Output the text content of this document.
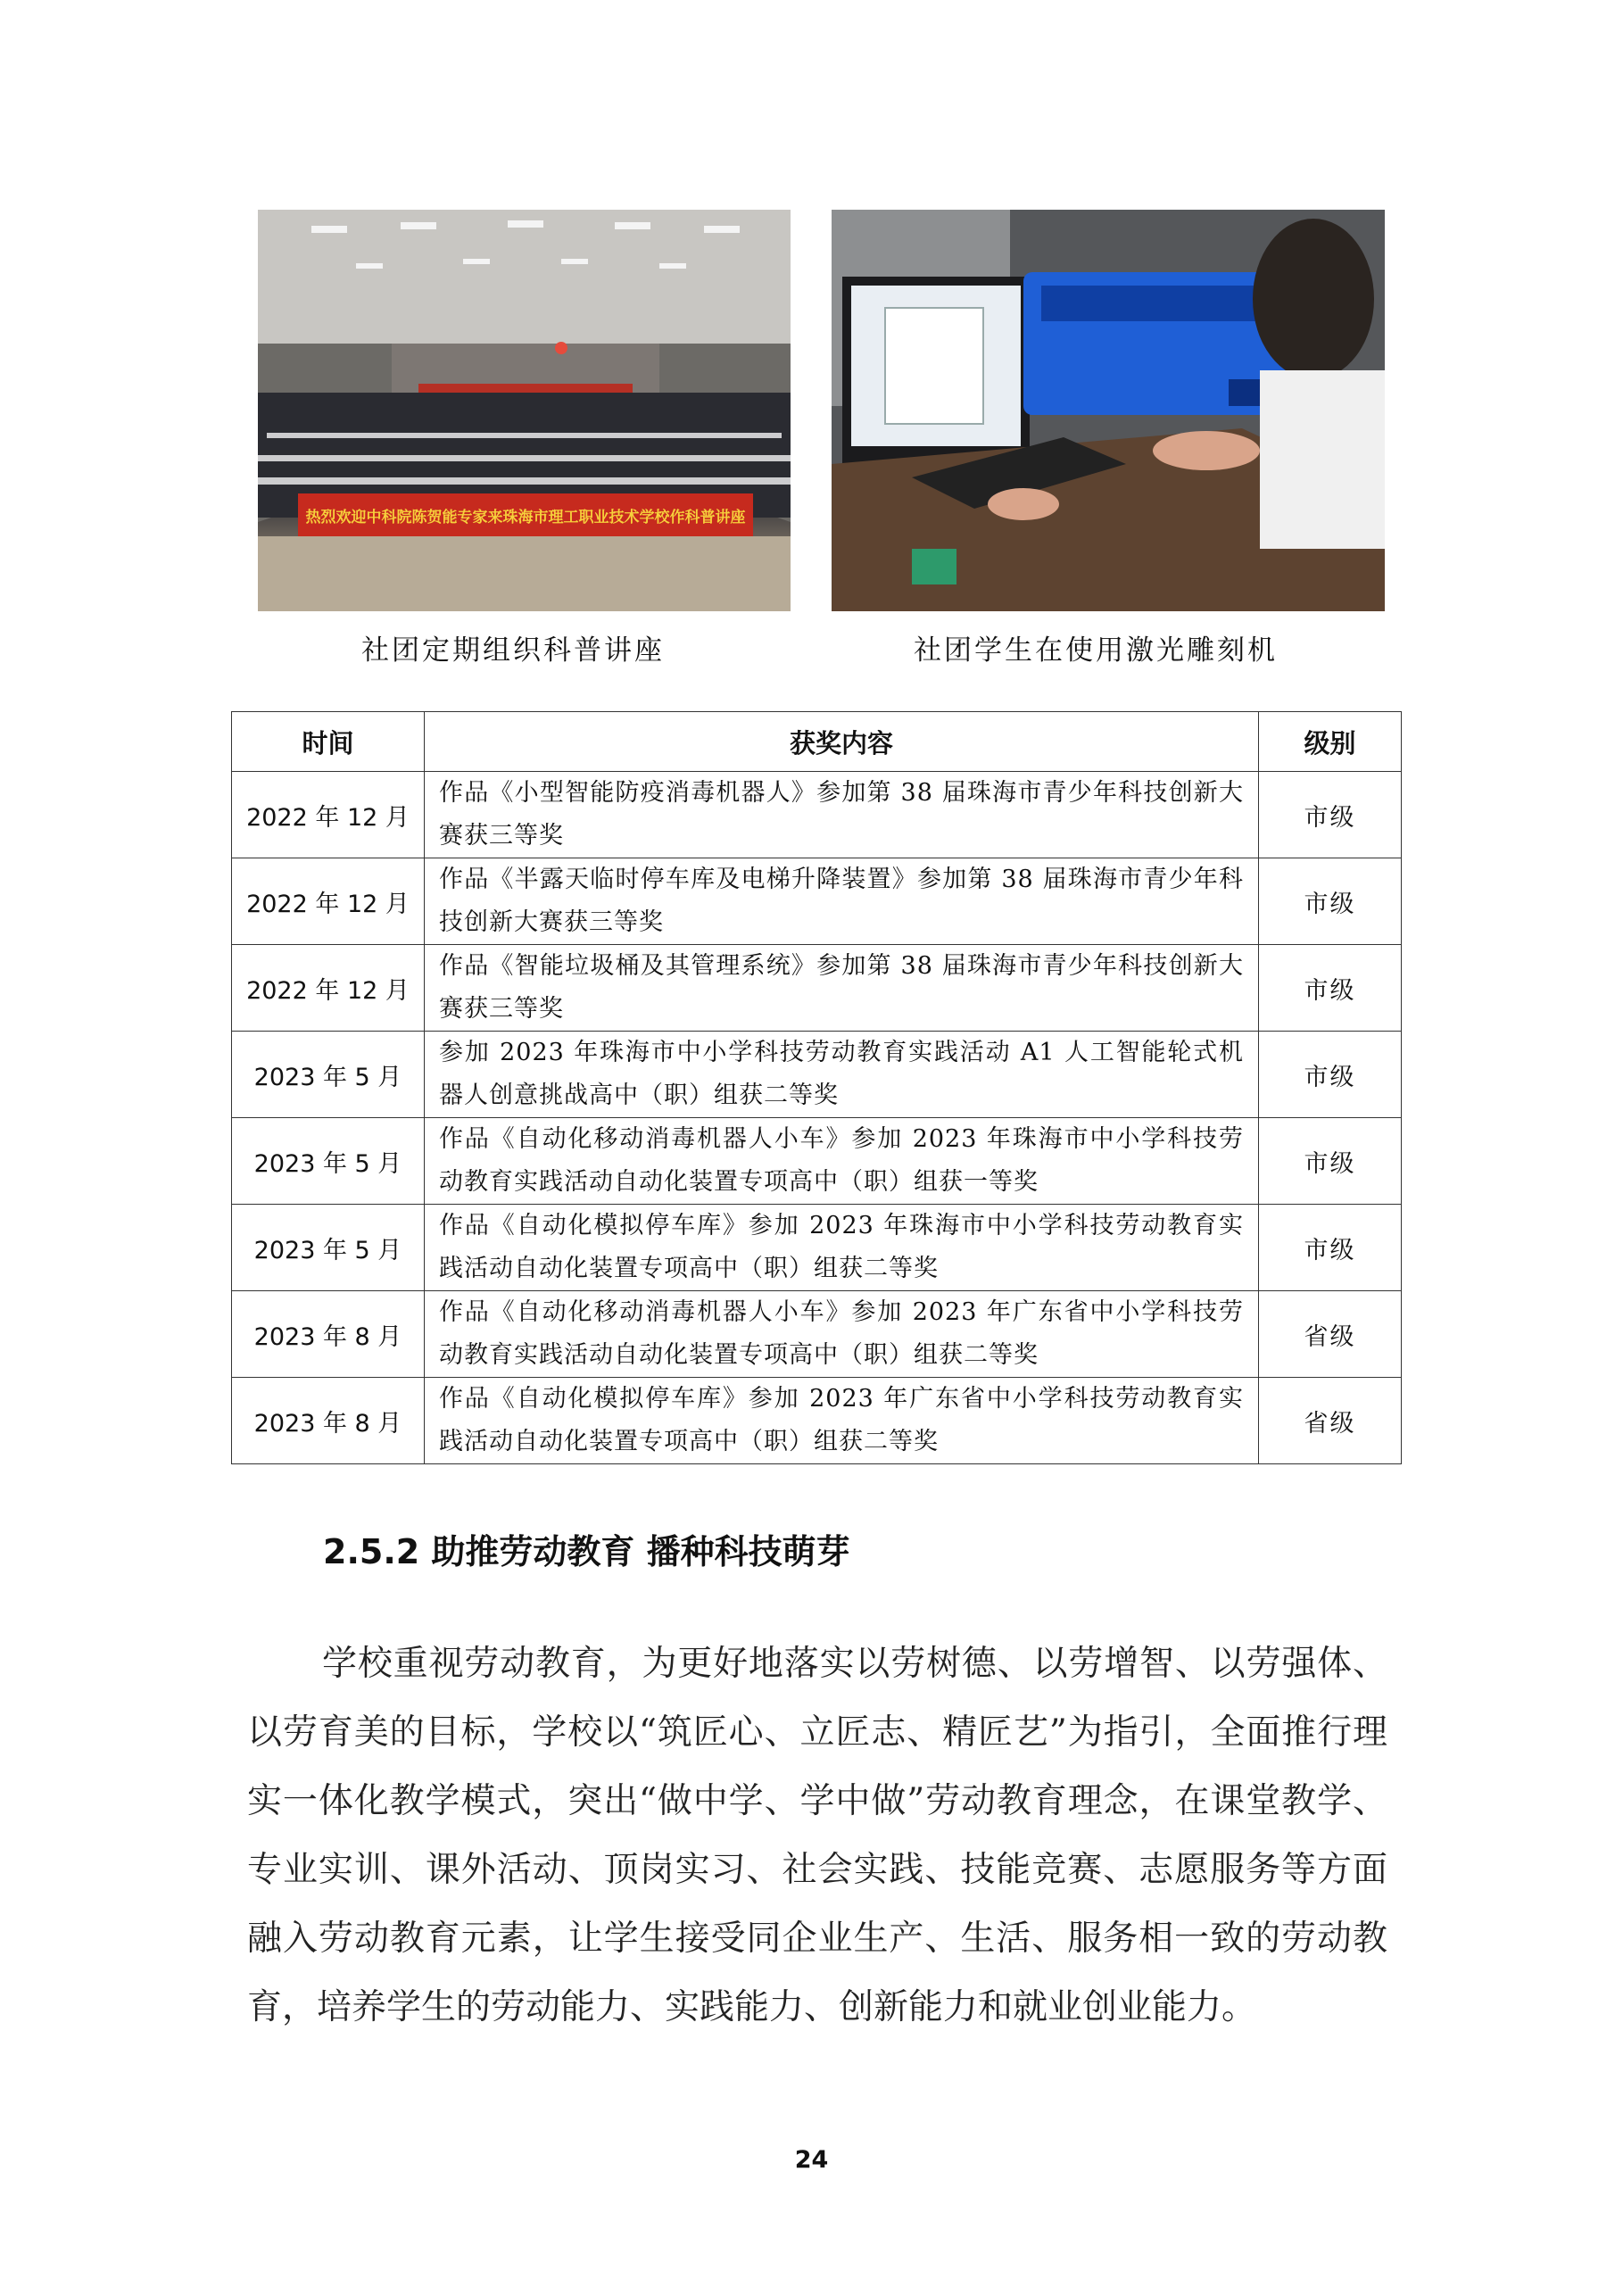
热烈欢迎中科院陈贺能专家来珠海市理工职业技术学校作科普讲座
社团定期组织科普讲座	社团学生在使用激光雕刻机
时间	获奖内容	级别
2022 年 12 月	作品《小型智能防疫消毒机器人》参加第 38 届珠海市青少年科技创新大赛获三等奖	市级
2022 年 12 月	作品《半露天临时停车库及电梯升降装置》参加第 38 届珠海市青少年科技创新大赛获三等奖	市级
2022 年 12 月	作品《智能垃圾桶及其管理系统》参加第 38 届珠海市青少年科技创新大赛获三等奖	市级
2023 年 5 月	参加 2023 年珠海市中小学科技劳动教育实践活动 A1 人工智能轮式机器人创意挑战高中（职）组获二等奖	市级
2023 年 5 月	作品《自动化移动消毒机器人小车》参加 2023 年珠海市中小学科技劳动教育实践活动自动化装置专项高中（职）组获一等奖	市级
2023 年 5 月	作品《自动化模拟停车库》参加 2023 年珠海市中小学科技劳动教育实践活动自动化装置专项高中（职）组获二等奖	市级
2023 年 8 月	作品《自动化移动消毒机器人小车》参加 2023 年广东省中小学科技劳动教育实践活动自动化装置专项高中（职）组获二等奖	省级
2023 年 8 月	作品《自动化模拟停车库》参加 2023 年广东省中小学科技劳动教育实践活动自动化装置专项高中（职）组获二等奖	省级
2.5.2 助推劳动教育 播种科技萌芽

学校重视劳动教育，为更好地落实以劳树德、以劳增智、以劳强体、以劳育美的目标，学校以“筑匠心、立匠志、精匠艺”为指引，全面推行理实一体化教学模式，突出“做中学、学中做”劳动教育理念，在课堂教学、专业实训、课外活动、顶岗实习、社会实践、技能竞赛、志愿服务等方面融入劳动教育元素，让学生接受同企业生产、生活、服务相一致的劳动教育，培养学生的劳动能力、实践能力、创新能力和就业创业能力。

24
